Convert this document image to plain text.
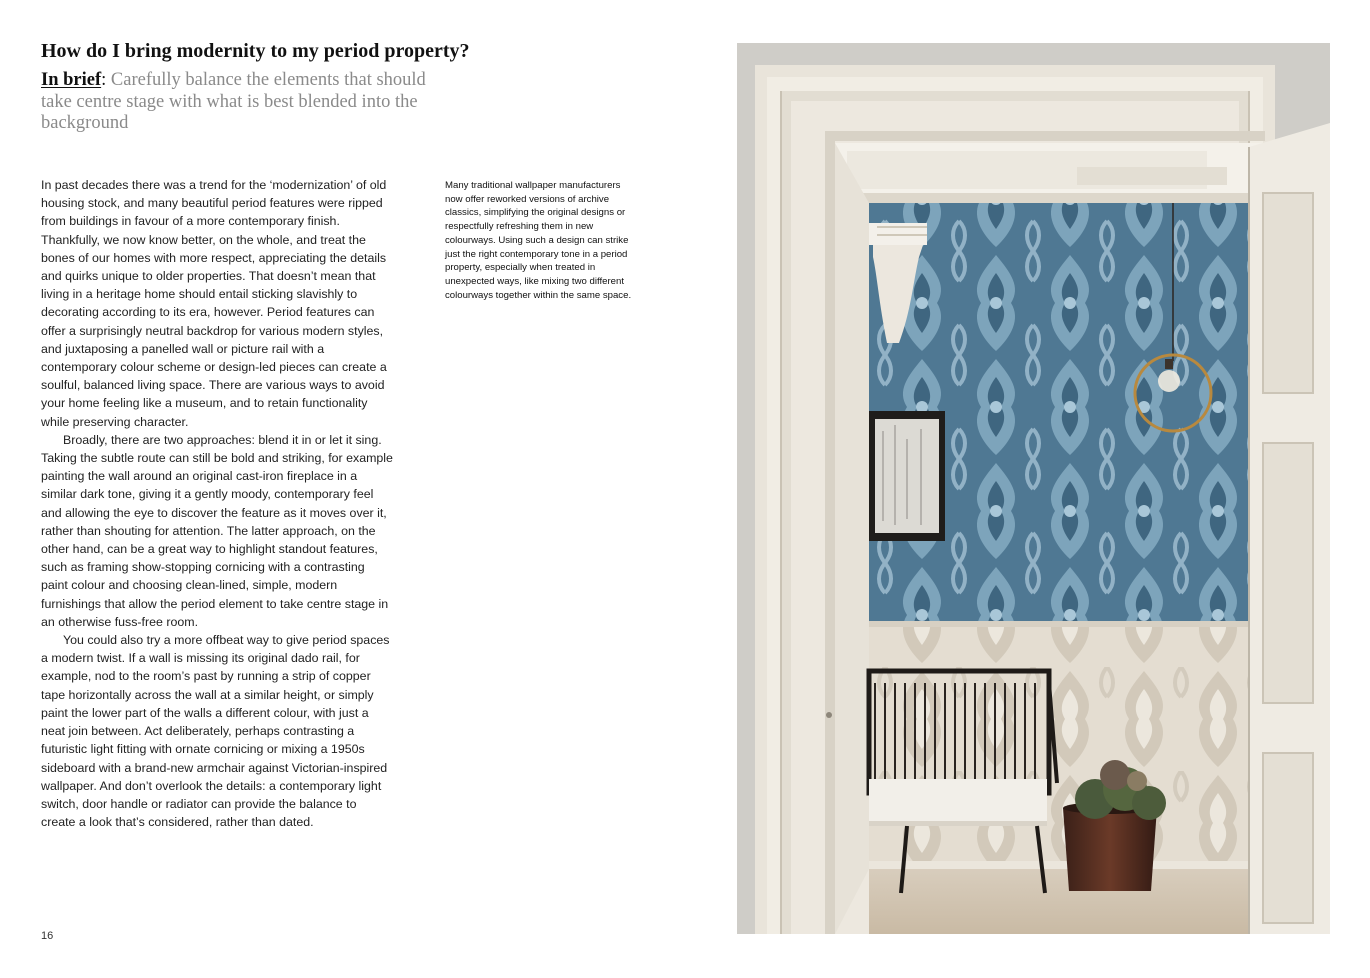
How do I bring modernity to my period property?
In brief: Carefully balance the elements that should take centre stage with what is best blended into the background

In past decades there was a trend for the ‘modernization’ of old housing stock, and many beautiful period features were ripped from buildings in favour of a more contemporary finish. Thankfully, we now know better, on the whole, and treat the bones of our homes with more respect, appreciating the details and quirks unique to older properties. That doesn’t mean that living in a heritage home should entail sticking slavishly to decorating according to its era, however. Period features can offer a surprisingly neutral backdrop for various modern styles, and juxtaposing a panelled wall or picture rail with a contemporary colour scheme or design-led pieces can create a soulful, balanced living space. There are various ways to avoid your home feeling like a museum, and to retain functionality while preserving character.

Broadly, there are two approaches: blend it in or let it sing. Taking the subtle route can still be bold and striking, for example painting the wall around an original cast-iron fireplace in a similar dark tone, giving it a gently moody, contemporary feel and allowing the eye to discover the feature as it moves over it, rather than shouting for attention. The latter approach, on the other hand, can be a great way to highlight standout features, such as framing show-stopping cornicing with a contrasting paint colour and choosing clean-lined, simple, modern furnishings that allow the period element to take centre stage in an otherwise fuss-free room.

You could also try a more offbeat way to give period spaces a modern twist. If a wall is missing its original dado rail, for example, nod to the room’s past by running a strip of copper tape horizontally across the wall at a similar height, or simply paint the lower part of the walls a different colour, with just a neat join between. Act deliberately, perhaps contrasting a futuristic light fitting with ornate cornicing or mixing a 1950s sideboard with a brand-new armchair against Victorian-inspired wallpaper. And don’t overlook the details: a contemporary light switch, door handle or radiator can provide the balance to create a look that’s considered, rather than dated.

Many traditional wallpaper manufacturers now offer reworked versions of archive classics, simplifying the original designs or respectfully refreshing them in new colourways. Using such a design can strike just the right contemporary tone in a period property, especially when treated in unexpected ways, like mixing two different colourways together within the same space.
16
